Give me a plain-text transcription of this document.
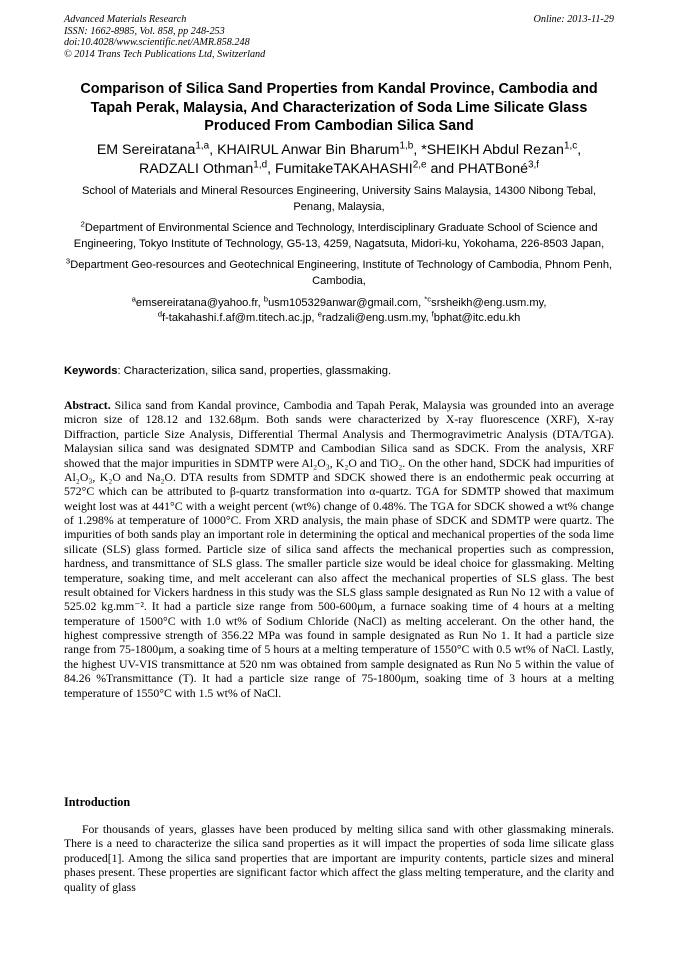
Advanced Materials Research
ISSN: 1662-8985, Vol. 858, pp 248-253
doi:10.4028/www.scientific.net/AMR.858.248
© 2014 Trans Tech Publications Ltd, Switzerland
Online: 2013-11-29
Comparison of Silica Sand Properties from Kandal Province, Cambodia and Tapah Perak, Malaysia, And Characterization of Soda Lime Silicate Glass Produced From Cambodian Silica Sand
EM Sereiratana$^{1,a}$, KHAIRUL Anwar Bin Bharum$^{1,b}$, *SHEIKH Abdul Rezan$^{1,c}$,
RADZALI Othman$^{1,d}$, FumitakeTAKAHASHI$^{2,e}$ and PHATBoné$^{3,f}$

School of Materials and Mineral Resources Engineering, University Sains Malaysia, 14300 Nibong Tebal, Penang, Malaysia,

$^2$Department of Environmental Science and Technology, Interdisciplinary Graduate School of Science and Engineering, Tokyo Institute of Technology, G5-13, 4259, Nagatsuta, Midori-ku, Yokohama, 226-8503 Japan,

$^3$Department Geo-resources and Geotechnical Engineering, Institute of Technology of Cambodia, Phnom Penh, Cambodia,

$^a$emsereiratana@yahoo.fr, $^b$usm105329anwar@gmail.com, $^{*c}$srsheikh@eng.usm.my,
$^d$f-takahashi.f.af@m.titech.ac.jp, $^e$radzali@eng.usm.my, $^f$bphat@itc.edu.kh

Keywords: Characterization, silica sand, properties, glassmaking.

Abstract. Silica sand from Kandal province, Cambodia and Tapah Perak, Malaysia was grounded into an average micron size of 128.12 and 132.68μm. Both sands were characterized by X-ray fluorescence (XRF), X-ray Diffraction, particle Size Analysis, Differential Thermal Analysis and Thermogravimetric Analysis (DTA/TGA). Malaysian silica sand was designated SDMTP and Cambodian Silica sand as SDCK. From the analysis, XRF showed that the major impurities in SDMTP were Al₂O₃, K₂O and TiO₂. On the other hand, SDCK had impurities of Al₂O₃, K₂O and Na₂O. DTA results from SDMTP and SDCK showed there is an endothermic peak occurring at 572°C which can be attributed to β-quartz transformation into α-quartz. TGA for SDMTP showed that maximum weight lost was at 441°C with a weight percent (wt%) change of 0.48%. The TGA for SDCK showed a wt% change of 1.298% at temperature of 1000°C. From XRD analysis, the main phase of SDCK and SDMTP were quartz. The impurities of both sands play an important role in determining the optical and mechanical properties of the soda lime silicate (SLS) glass formed. Particle size of silica sand affects the mechanical properties such as compression, hardness, and transmittance of SLS glass. The smaller particle size would be ideal choice for glassmaking. Melting temperature, soaking time, and melt accelerant can also affect the mechanical properties of SLS glass. The best result obtained for Vickers hardness in this study was the SLS glass sample designated as Run No 12 with a value of 525.02 kg.mm⁻². It had a particle size range from 500-600μm, a furnace soaking time of 4 hours at a melting temperature of 1500°C with 1.0 wt% of Sodium Chloride (NaCl) as melting accelerant. On the other hand, the highest compressive strength of 356.22 MPa was found in sample designated as Run No 1. It had a particle size range from 75-1800μm, a soaking time of 5 hours at a melting temperature of 1550°C with 0.5 wt% of NaCl. Lastly, the highest UV-VIS transmittance at 520 nm was obtained from sample designated as Run No 5 within the value of 84.26 %Transmittance (T). It had a particle size range of 75-1800μm, soaking time of 3 hours at a melting temperature of 1550°C with 1.5 wt% of NaCl.

Introduction

For thousands of years, glasses have been produced by melting silica sand with other glassmaking minerals. There is a need to characterize the silica sand properties as it will impact the properties of soda lime silicate glass produced[1]. Among the silica sand properties that are important are impurity contents, particle sizes and mineral phases present. These properties are significant factor which affect the glass melting temperature, and the clarity and quality of glass
